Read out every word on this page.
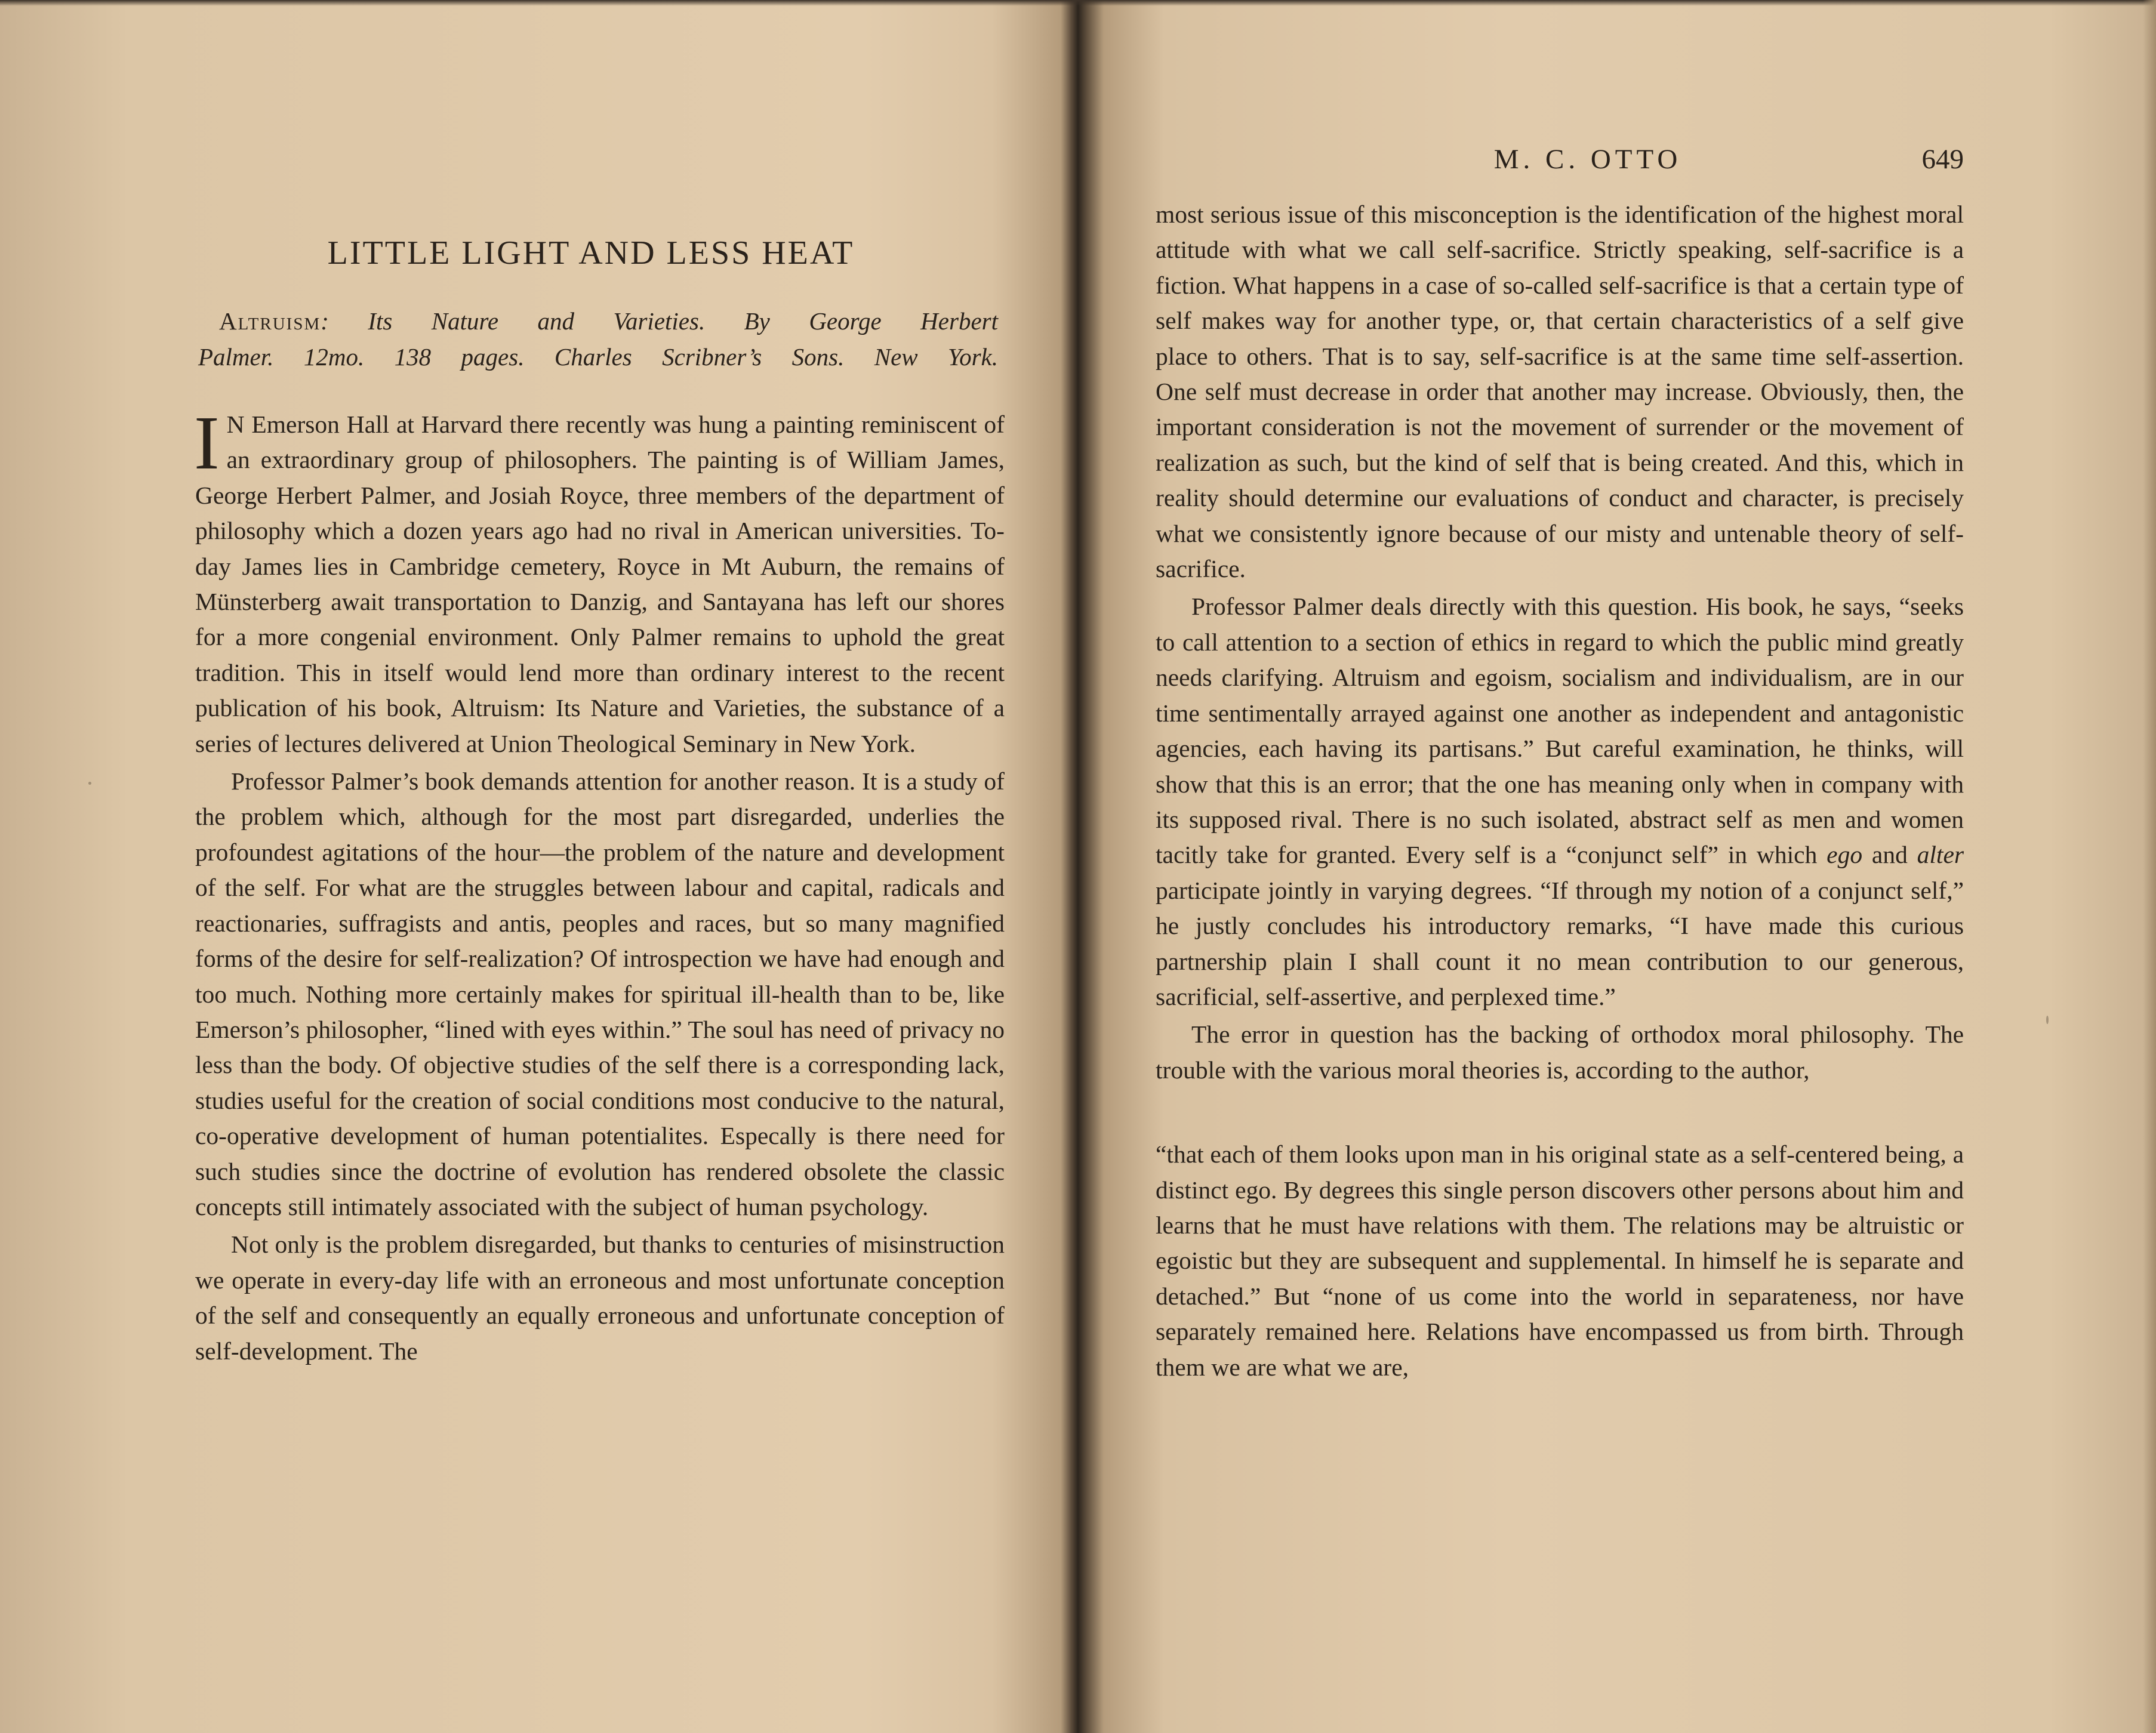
LITTLE LIGHT AND LESS HEAT
Altruism: Its Nature and Varieties. By George Herbert
Palmer. 12mo. 138 pages. Charles Scribner’s Sons. New York.

I N Emerson Hall at Harvard there recently was hung a painting reminiscent of an extraordinary group of philosophers. The painting is of William James, George Herbert Palmer, and Josiah Royce, three members of the department of philosophy which a dozen years ago had no rival in American universities. To-day James lies in Cambridge cemetery, Royce in Mt Auburn, the remains of Münsterberg await transportation to Danzig, and Santayana has left our shores for a more congenial environment. Only Palmer remains to uphold the great tradition. This in itself would lend more than ordinary interest to the recent publication of his book, Altruism: Its Nature and Varieties, the substance of a series of lectures delivered at Union Theological Seminary in New York.

Professor Palmer’s book demands attention for another reason. It is a study of the problem which, although for the most part disregarded, underlies the profoundest agitations of the hour—the problem of the nature and development of the self. For what are the struggles between labour and capital, radicals and reactionaries, suffragists and antis, peoples and races, but so many magnified forms of the desire for self-realization? Of introspection we have had enough and too much. Nothing more certainly makes for spiritual ill-health than to be, like Emerson’s philosopher, “lined with eyes within.” The soul has need of privacy no less than the body. Of objective studies of the self there is a corresponding lack, studies useful for the creation of social conditions most conducive to the natural, co-operative development of human potentialites. Especally is there need for such studies since the doctrine of evolution has rendered obsolete the classic concepts still intimately associated with the subject of human psychology.

Not only is the problem disregarded, but thanks to centuries of misinstruction we operate in every-day life with an erroneous and most unfortunate conception of the self and consequently an equally erroneous and unfortunate conception of self-development. The

M. C. OTTO	649

most serious issue of this misconception is the identification of the highest moral attitude with what we call self-sacrifice. Strictly speaking, self-sacrifice is a fiction. What happens in a case of so-called self-sacrifice is that a certain type of self makes way for another type, or, that certain characteristics of a self give place to others. That is to say, self-sacrifice is at the same time self-assertion. One self must decrease in order that another may increase. Obviously, then, the important consideration is not the movement of surrender or the movement of realization as such, but the kind of self that is being created. And this, which in reality should determine our evaluations of conduct and character, is precisely what we consistently ignore because of our misty and untenable theory of self-sacrifice.

Professor Palmer deals directly with this question. His book, he says, “seeks to call attention to a section of ethics in regard to which the public mind greatly needs clarifying. Altruism and egoism, socialism and individualism, are in our time sentimentally arrayed against one another as independent and antagonistic agencies, each having its partisans.” But careful examination, he thinks, will show that this is an error; that the one has meaning only when in company with its supposed rival. There is no such isolated, abstract self as men and women tacitly take for granted. Every self is a “conjunct self” in which ego and alter participate jointly in varying degrees. “If through my notion of a conjunct self,” he justly concludes his introductory remarks, “I have made this curious partnership plain I shall count it no mean contribution to our generous, sacrificial, self-assertive, and perplexed time.”

The error in question has the backing of orthodox moral philosophy. The trouble with the various moral theories is, according to the author,

“that each of them looks upon man in his original state as a self-centered being, a distinct ego. By degrees this single person discovers other persons about him and learns that he must have relations with them. The relations may be altruistic or egoistic but they are subsequent and supplemental. In himself he is separate and detached.” But “none of us come into the world in separateness, nor have separately remained here. Relations have encompassed us from birth. Through them we are what we are,
